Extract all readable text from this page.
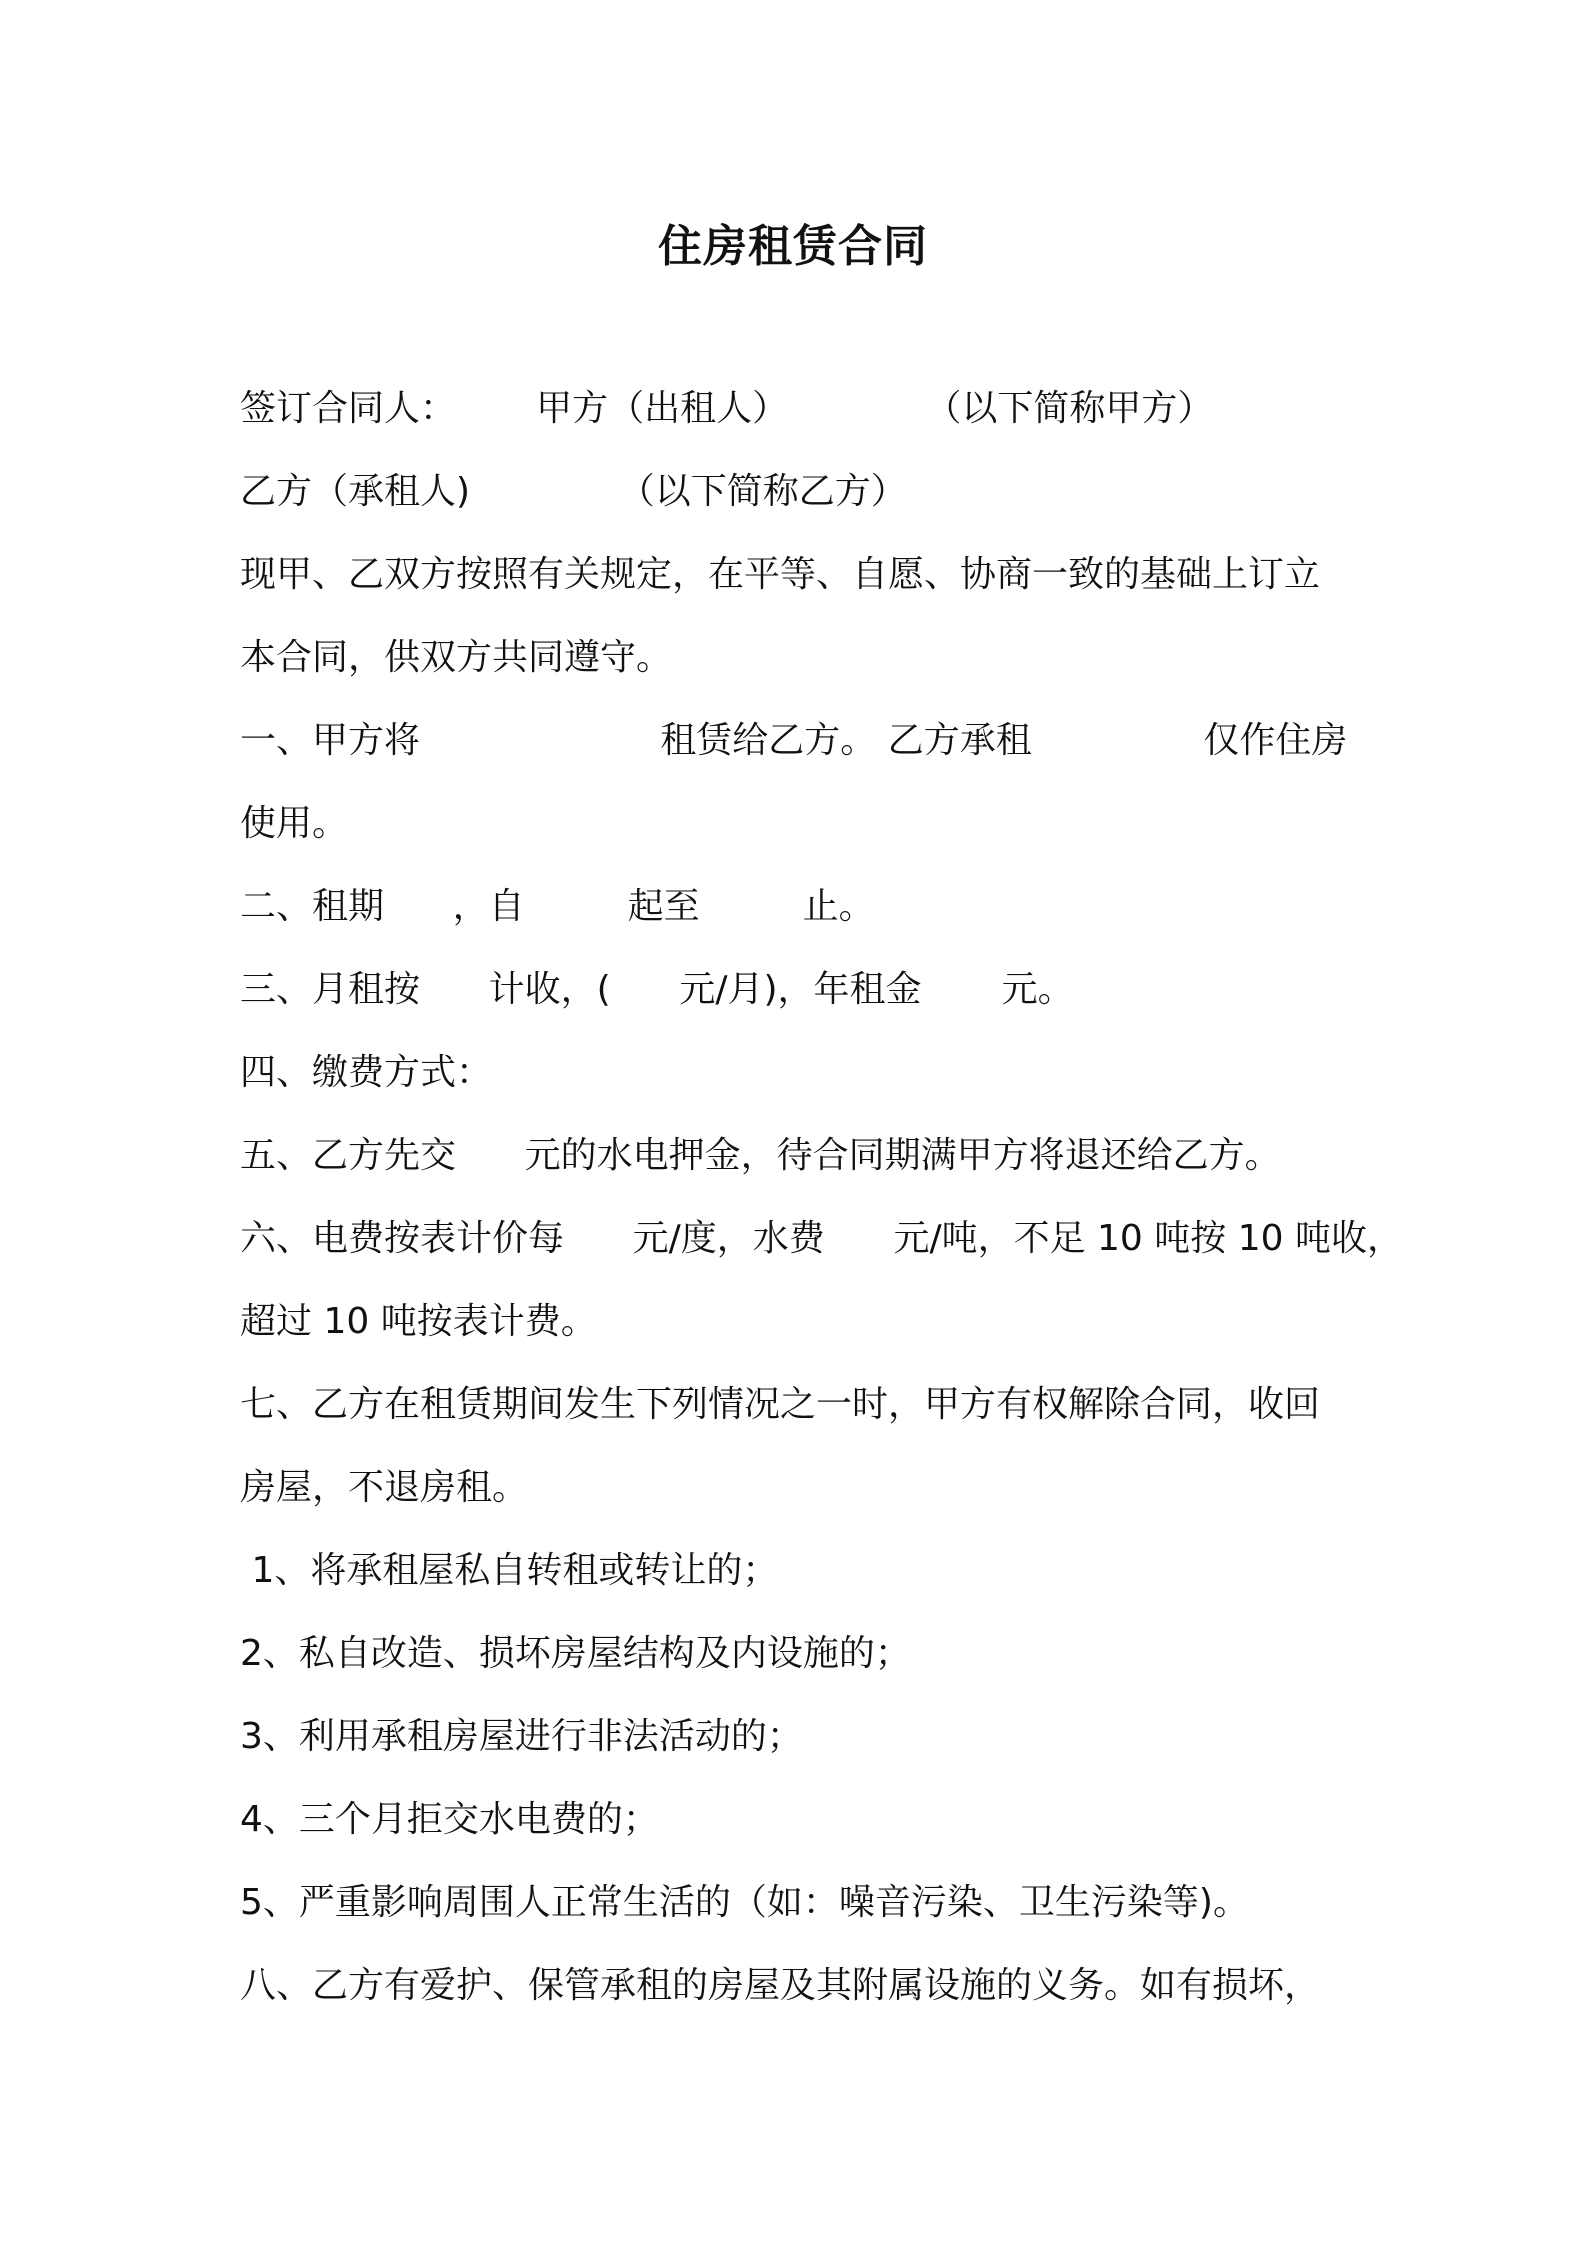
住房租赁合同
签订合同人：       甲方（出租人）            （以下简称甲方）
乙方（承租人)             （以下简称乙方）
现甲、乙双方按照有关规定，在平等、自愿、协商一致的基础上订立
本合同，供双方共同遵守。
一、甲方将                     租赁给乙方。 乙方承租               仅作住房
使用。
二、租期      ，自         起至         止。
三、月租按      计收，(      元/月)，年租金       元。
四、缴费方式：
五、乙方先交      元的水电押金，待合同期满甲方将退还给乙方。
六、电费按表计价每      元/度，水费      元/吨，不足 10 吨按 10 吨收，
超过 10 吨按表计费。
七、乙方在租赁期间发生下列情况之一时，甲方有权解除合同，收回
房屋，不退房租。
1、将承租屋私自转租或转让的；
2、私自改造、损坏房屋结构及内设施的；
3、利用承租房屋进行非法活动的；
4、三个月拒交水电费的；
5、严重影响周围人正常生活的（如：噪音污染、卫生污染等)。
八、乙方有爱护、保管承租的房屋及其附属设施的义务。如有损坏，
